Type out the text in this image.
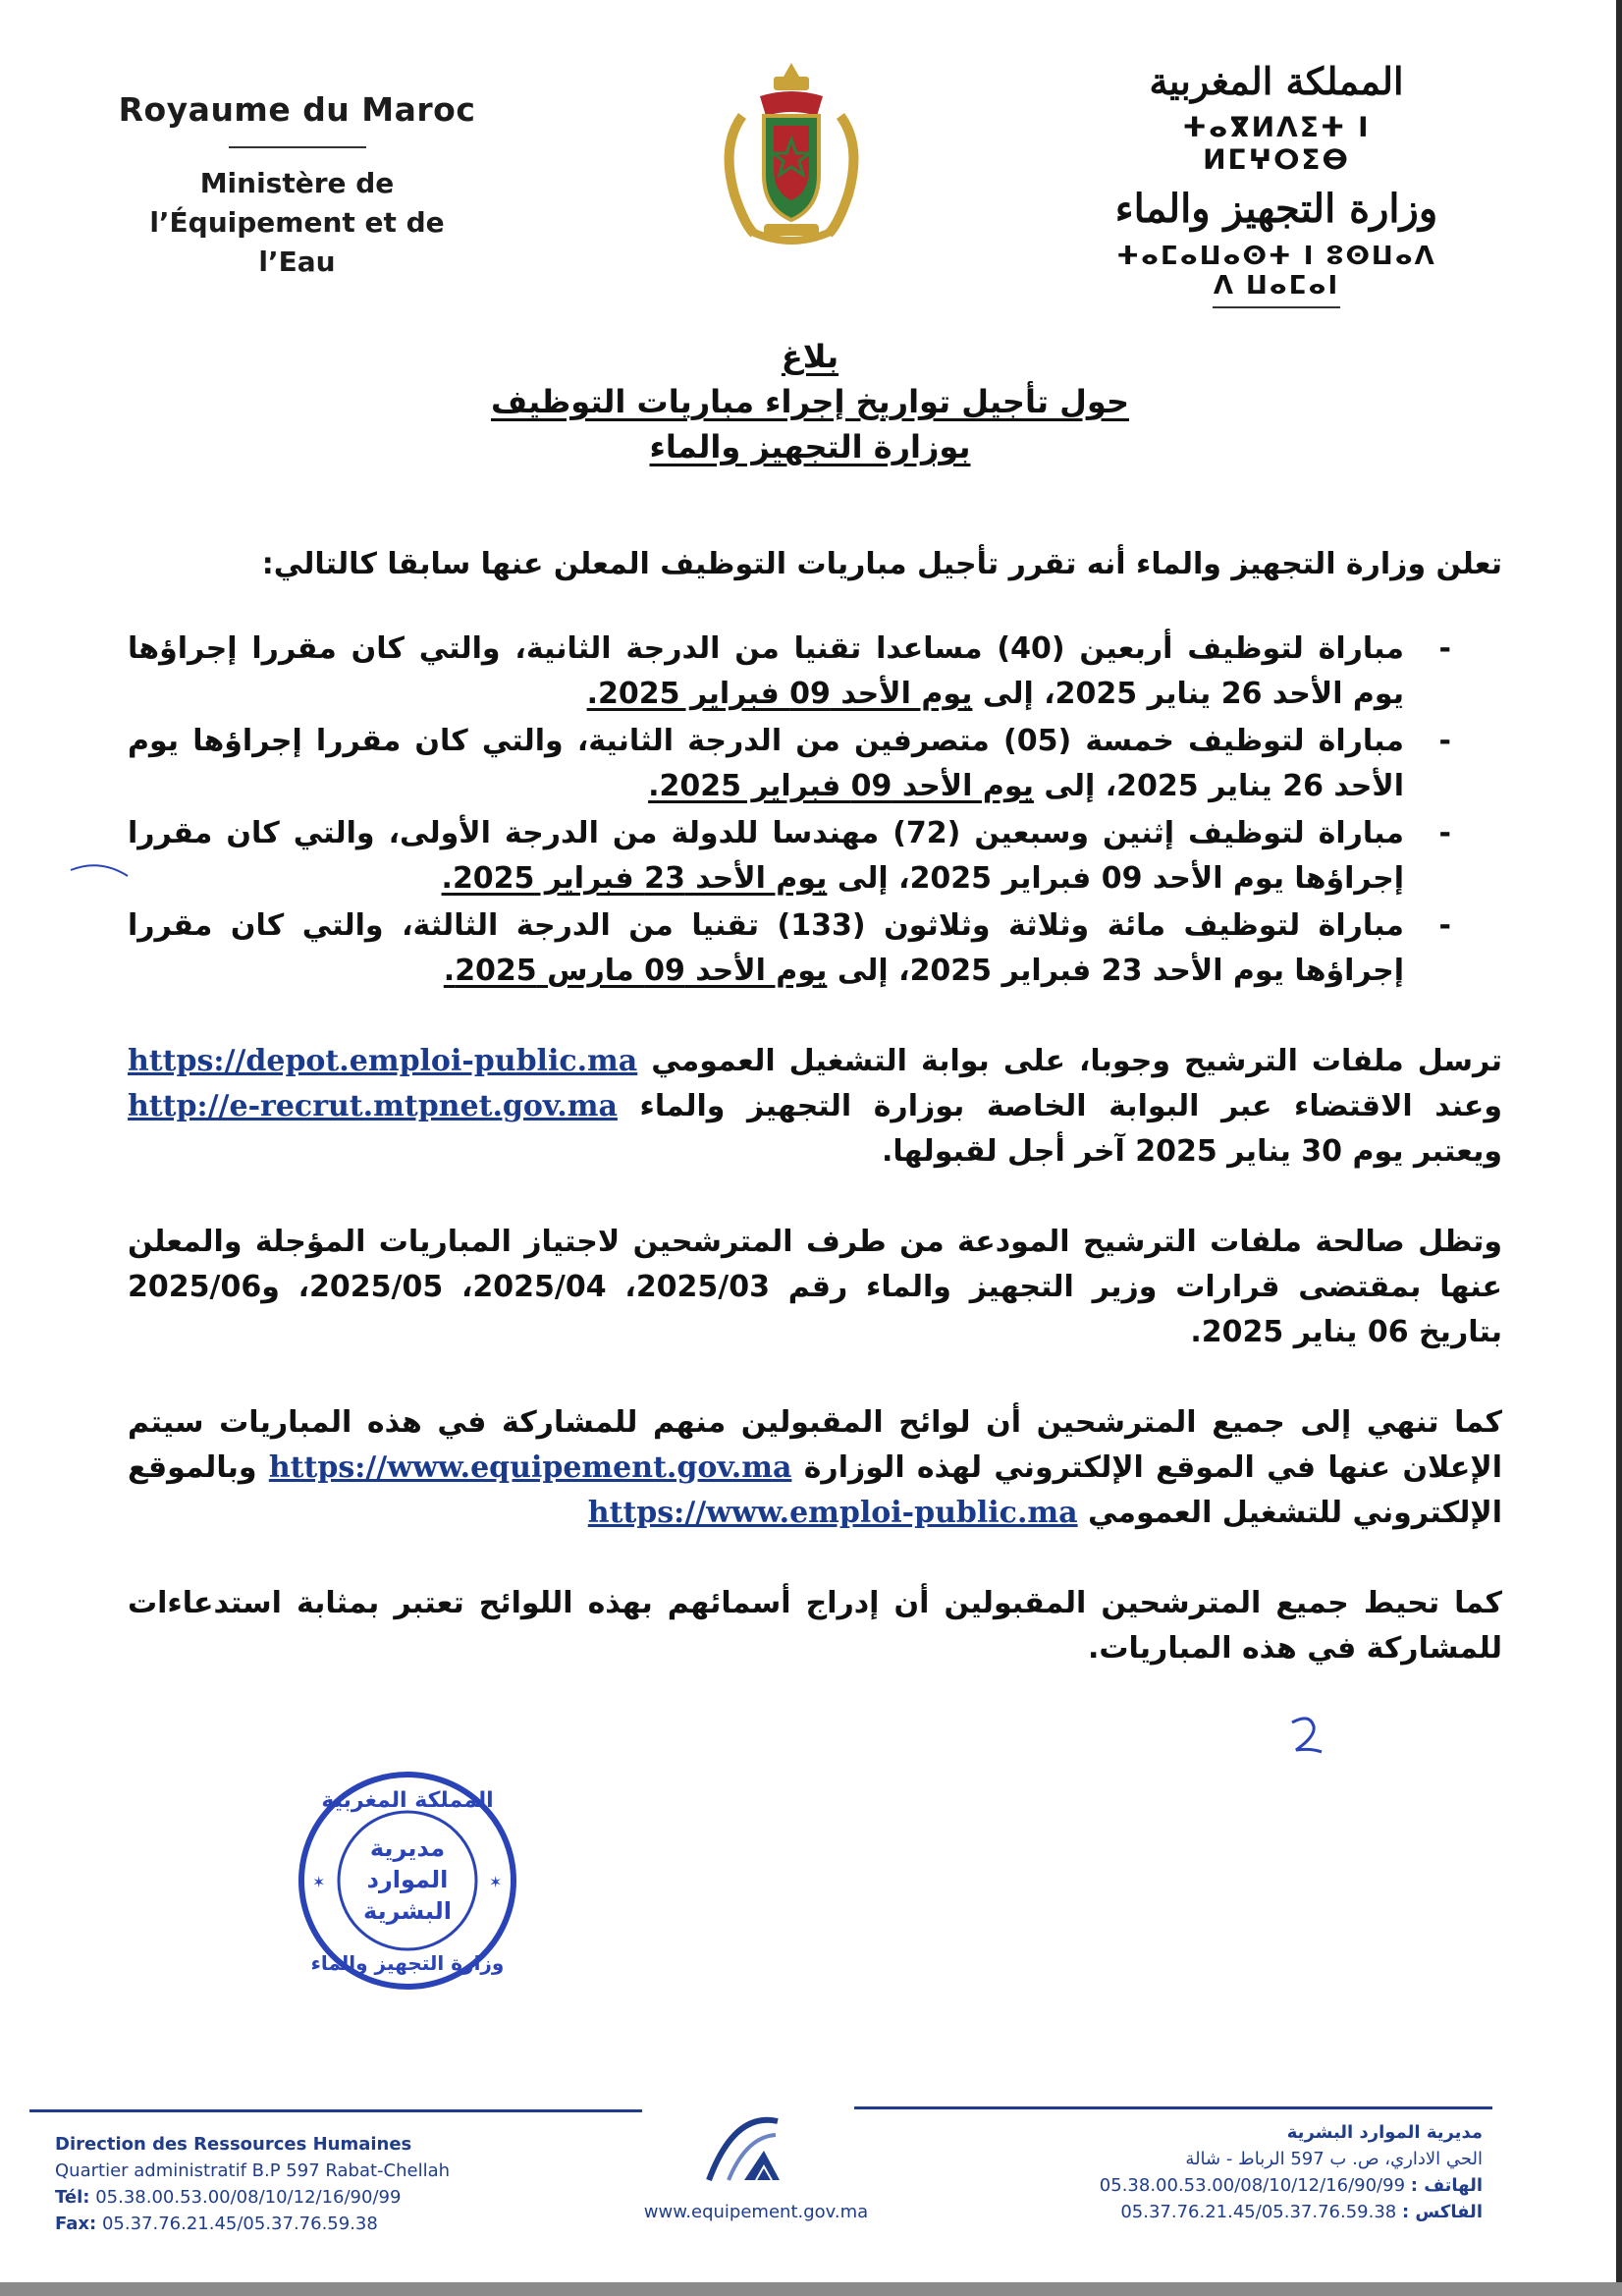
Royaume du Maroc
Ministère de
l’Équipement et de l’Eau
المملكة المغربية
ⵜⴰⴳⵍⴷⵉⵜ ⵏ ⵍⵎⵖⵔⵉⴱ
وزارة التجهيز والماء
ⵜⴰⵎⴰⵡⴰⵙⵜ ⵏ ⵓⵙⵡⴰⴷ ⴷ ⵡⴰⵎⴰⵏ
بلاغ
حول تأجيل تواريخ إجراء مباريات التوظيف
بوزارة التجهيز والماء

تعلن وزارة التجهيز والماء أنه تقرر تأجيل مباريات التوظيف المعلن عنها سابقا كالتالي:

-
مباراة لتوظيف أربعين (40) مساعدا تقنيا من الدرجة الثانية، والتي كان مقررا إجراؤها يوم الأحد 26 يناير 2025، إلى يوم الأحد 09 فبراير 2025.
-
مباراة لتوظيف خمسة (05) متصرفين من الدرجة الثانية، والتي كان مقررا إجراؤها يوم الأحد 26 يناير 2025، إلى يوم الأحد 09 فبراير 2025.
-
مباراة لتوظيف إثنين وسبعين (72) مهندسا للدولة من الدرجة الأولى، والتي كان مقررا إجراؤها يوم الأحد 09 فبراير 2025، إلى يوم الأحد 23 فبراير 2025.
-
مباراة لتوظيف مائة وثلاثة وثلاثون (133) تقنيا من الدرجة الثالثة، والتي كان مقررا إجراؤها يوم الأحد 23 فبراير 2025، إلى يوم الأحد 09 مارس 2025.

ترسل ملفات الترشيح وجوبا، على بوابة التشغيل العمومي https://depot.emploi-public.ma وعند الاقتضاء عبر البوابة الخاصة بوزارة التجهيز والماء http://e-recrut.mtpnet.gov.ma ويعتبر يوم 30 يناير 2025 آخر أجل لقبولها.

وتظل صالحة ملفات الترشيح المودعة من طرف المترشحين لاجتياز المباريات المؤجلة والمعلن عنها بمقتضى قرارات وزير التجهيز والماء رقم 2025/03، 2025/04، 2025/05، و2025/06 بتاريخ 06 يناير 2025.

كما تنهي إلى جميع المترشحين أن لوائح المقبولين منهم للمشاركة في هذه المباريات سيتم الإعلان عنها في الموقع الإلكتروني لهذه الوزارة https://www.equipement.gov.ma وبالموقع الإلكتروني للتشغيل العمومي https://www.emploi-public.ma

كما تحيط جميع المترشحين المقبولين أن إدراج أسمائهم بهذه اللوائح تعتبر بمثابة استدعاءات للمشاركة في هذه المباريات.

المملكة المغربية
مديرية
الموارد
البشرية
وزارة التجهيز والماء
✶	✶
Direction des Ressources Humaines
Quartier administratif B.P 597 Rabat-Chellah
Tél: 05.38.00.53.00/08/10/12/16/90/99
Fax: 05.37.76.21.45/05.37.76.59.38
www.equipement.gov.ma
مديرية الموارد البشرية
الحي الاداري، ص. ب 597 الرباط - شالة
الهاتف : 05.38.00.53.00/08/10/12/16/90/99
الفاكس : 05.37.76.21.45/05.37.76.59.38
